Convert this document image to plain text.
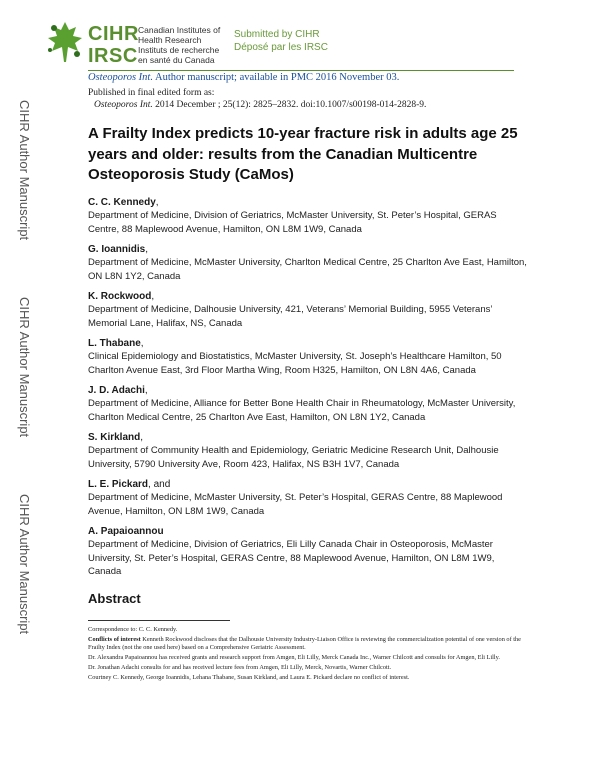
CIHR
IRSC
Canadian Institutes of
Health Research
Instituts de recherche
en santé du Canada
Submitted by CIHR
Déposé par les IRSC
Osteoporos Int. Author manuscript; available in PMC 2016 November 03.
Published in final edited form as:
Osteoporos Int. 2014 December ; 25(12): 2825–2832. doi:10.1007/s00198-014-2828-9.
CIHR Author Manuscript
CIHR Author Manuscript
CIHR Author Manuscript
A Frailty Index predicts 10-year fracture risk in adults age 25 years and older: results from the Canadian Multicentre Osteoporosis Study (CaMos)
C. C. Kennedy,
Department of Medicine, Division of Geriatrics, McMaster University, St. Peter’s Hospital, GERAS Centre, 88 Maplewood Avenue, Hamilton, ON L8M 1W9, Canada
G. Ioannidis,
Department of Medicine, McMaster University, Charlton Medical Centre, 25 Charlton Ave East, Hamilton, ON L8N 1Y2, Canada
K. Rockwood,
Department of Medicine, Dalhousie University, 421, Veterans’ Memorial Building, 5955 Veterans’ Memorial Lane, Halifax, NS, Canada
L. Thabane,
Clinical Epidemiology and Biostatistics, McMaster University, St. Joseph’s Healthcare Hamilton, 50 Charlton Avenue East, 3rd Floor Martha Wing, Room H325, Hamilton, ON L8N 4A6, Canada
J. D. Adachi,
Department of Medicine, Alliance for Better Bone Health Chair in Rheumatology, McMaster University, Charlton Medical Centre, 25 Charlton Ave East, Hamilton, ON L8N 1Y2, Canada
S. Kirkland,
Department of Community Health and Epidemiology, Geriatric Medicine Research Unit, Dalhousie University, 5790 University Ave, Room 423, Halifax, NS B3H 1V7, Canada
L. E. Pickard, and
Department of Medicine, McMaster University, St. Peter’s Hospital, GERAS Centre, 88 Maplewood Avenue, Hamilton, ON L8M 1W9, Canada
A. Papaioannou
Department of Medicine, Division of Geriatrics, Eli Lilly Canada Chair in Osteoporosis, McMaster University, St. Peter’s Hospital, GERAS Centre, 88 Maplewood Avenue, Hamilton, ON L8M 1W9, Canada
Abstract

Correspondence to: C. C. Kennedy.

Conflicts of interest Kenneth Rockwood discloses that the Dalhousie University Industry-Liaison Office is reviewing the commercialization potential of one version of the Frailty Index (not the one used here) based on a Comprehensive Geriatric Assessment.

Dr. Alexandra Papaioannou has received grants and research support from Amgen, Eli Lilly, Merck Canada Inc., Warner Chilcott and consults for Amgen, Eli Lilly.

Dr. Jonathan Adachi consults for and has received lecture fees from Amgen, Eli Lilly, Merck, Novartis, Warner Chilcott.

Courtney C. Kennedy, George Ioannidis, Lehana Thabane, Susan Kirkland, and Laura E. Pickard declare no conflict of interest.
